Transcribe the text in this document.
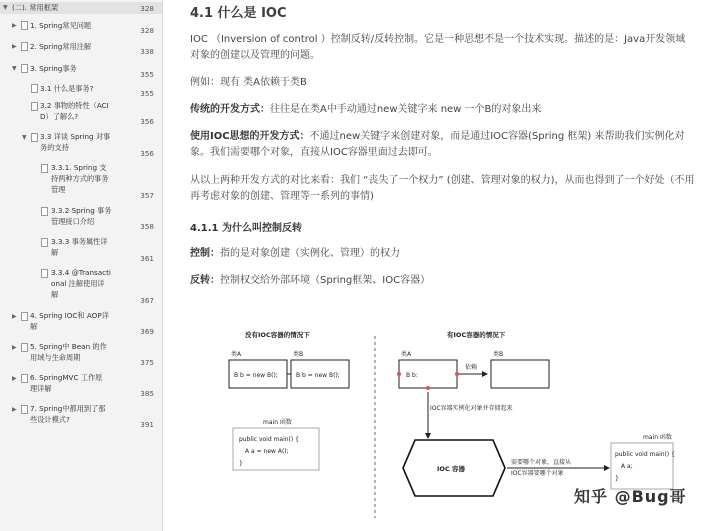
▼ (二). 常用框架	328
▶ 1. Spring常见问题
328
▶ 2. Spring常用注解
338
▼ 3. Spring事务
355
3.1 什么是事务?
355
3.2 事物的特性（ACI
D）了解么?
356
▼ 3.3 详谈 Spring 对事
务的支持
356
3.3.1. Spring 支
持两种方式的事务
管理
357
3.3.2 Spring 事务
管理接口介绍
358
3.3.3 事务属性详
解
361
3.3.4 @Transacti
onal 注解使用详
解
367
▶ 4. Spring IOC和 AOP详
解
369
▶ 5. Spring中 Bean 的作
用域与生命周期
375
▶ 6. SpringMVC 工作原
理详解
385
▶ 7. Spring中都用到了那
些设计模式?
391
4.1 什么是 IOC
IOC （Inversion of control ）控制反转/反转控制。它是一种思想不是一个技术实现。描述的是：Java开发领域对象的创建以及管理的问题。
例如：现有 类A依赖于类B
传统的开发方式：往往是在类A中手动通过new关键字来 new 一个B的对象出来
使用IOC思想的开发方式：不通过new关键字来创建对象，而是通过IOC容器(Spring 框架) 来帮助我们实例化对象。我们需要哪个对象，直接从IOC容器里面过去即可。
从以上两种开发方式的对比来看：我们 “丧失了一个权力” (创建、管理对象的权力)，从而也得到了一个好处（不用再考虑对象的创建、管理等一系列的事情)
4.1.1 为什么叫控制反转
控制：指的是对象创建（实例化、管理）的权力
反转：控制权交给外部环境（Spring框架、IOC容器）
没有IOC容器的情况下	有IOC容器的情况下
类A
B b = new B();
类B
B b = new B();
main 函数
public void main() {
A a = new A();
}
类A
B b:
依赖
类B
IOC容器实例化对象并存储起来
IOC 容器
需要哪个对象，直接从
IOC容器要哪个对象
main 函数
public void main() {
A a;
}
知乎 @Bug哥
